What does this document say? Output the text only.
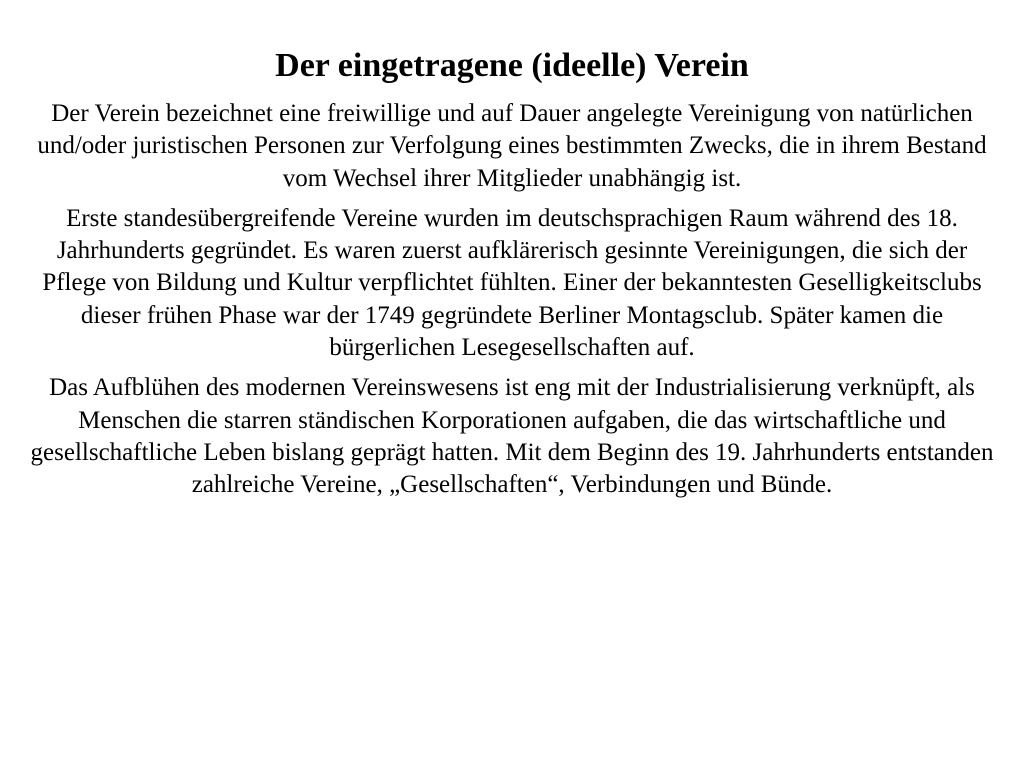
Der eingetragene (ideelle) Verein

Der Verein bezeichnet eine freiwillige und auf Dauer angelegte Vereinigung von natürlichen und/oder juristischen Personen zur Verfolgung eines bestimmten Zwecks, die in ihrem Bestand vom Wechsel ihrer Mitglieder unabhängig ist.

Erste standesübergreifende Vereine wurden im deutschsprachigen Raum während des 18. Jahrhunderts gegründet. Es waren zuerst aufklärerisch gesinnte Vereinigungen, die sich der Pflege von Bildung und Kultur verpflichtet fühlten. Einer der bekanntesten Geselligkeitsclubs dieser frühen Phase war der 1749 gegründete Berliner Montagsclub. Später kamen die bürgerlichen Lesegesellschaften auf.

Das Aufblühen des modernen Vereinswesens ist eng mit der Industrialisierung verknüpft, als Menschen die starren ständischen Korporationen aufgaben, die das wirtschaftliche und gesellschaftliche Leben bislang geprägt hatten. Mit dem Beginn des 19. Jahrhunderts entstanden zahlreiche Vereine, „Gesellschaften“, Verbindungen und Bünde.
